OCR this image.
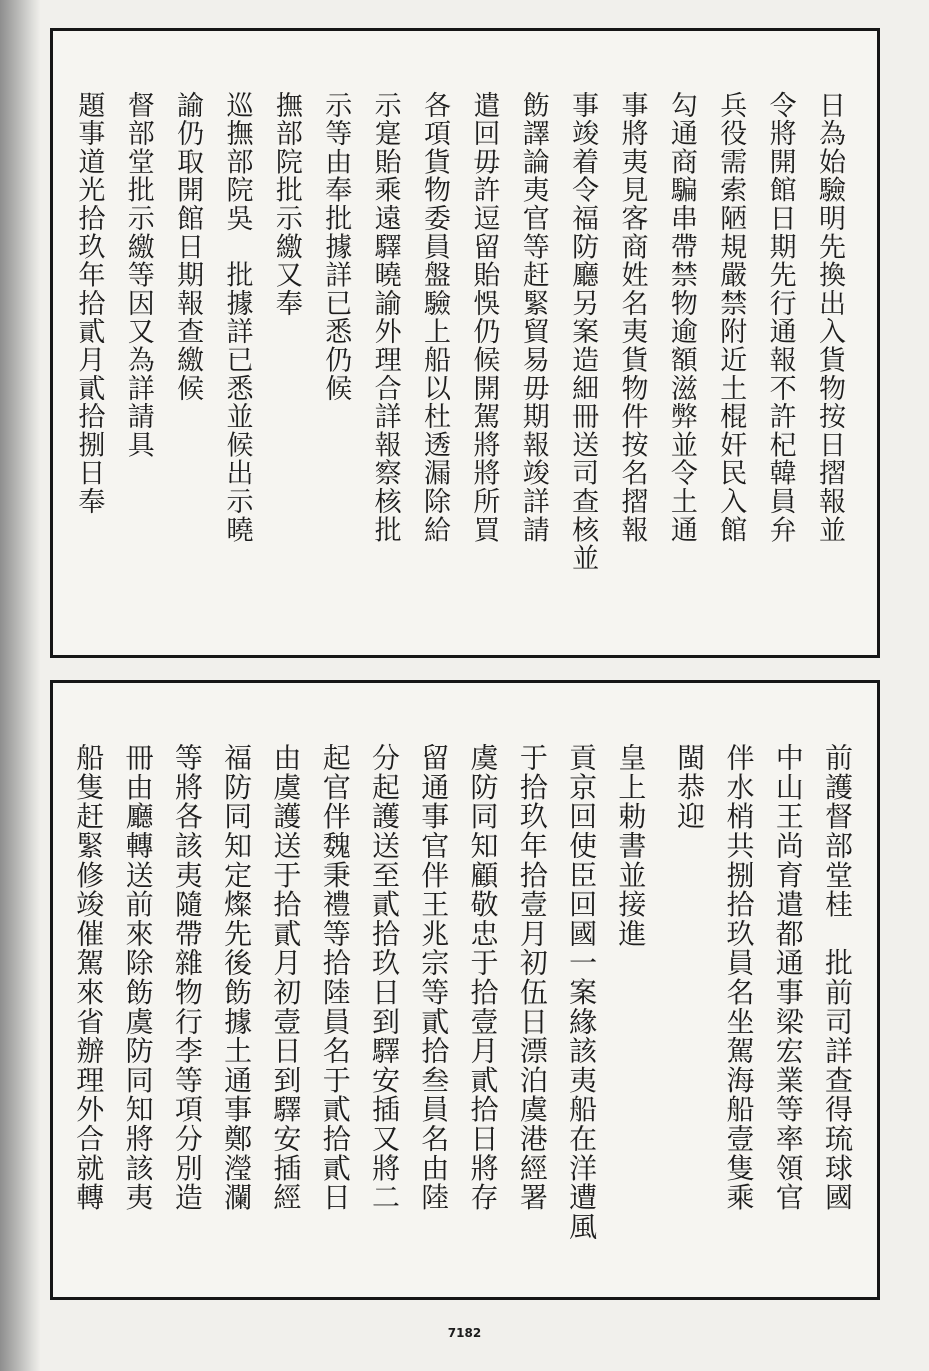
日為始驗明先換出入貨物按日摺報並
令將開館日期先行通報不許杞韓員弁
兵役需索陋規嚴禁附近土棍奸民入館
勾通商騙串帶禁物逾額滋弊並令土通
事將夷見客商姓名夷貨物件按名摺報
事竣着令福防廳另案造細冊送司查核並
飭譯論夷官等赶緊貿易毋期報竣詳請
遣回毋許逗留貽悞仍候開駕將將所買
各項貨物委員盤驗上船以杜透漏除給
示寔貽乘遠驛曉諭外理合詳報察核批
示等由奉批據詳已悉仍候
撫部院批示繳又奉
巡撫部院吳　批據詳已悉並候出示曉
諭仍取開館日期報查繳候
督部堂批示繳等因又為詳請具
題事道光拾玖年拾貳月貳拾捌日奉
前護督部堂桂　批前司詳查得琉球國
中山王尚育遣都通事梁宏業等率領官
伴水梢共捌拾玖員名坐駕海船壹隻乘
閩恭迎
皇上勅書並接進
貢京回使臣回國一案緣該夷船在洋遭風
于拾玖年拾壹月初伍日漂泊虞港經署
虞防同知顧敬忠于拾壹月貳拾日將存
留通事官伴王兆宗等貳拾叁員名由陸
分起護送至貳拾玖日到驛安插又將二
起官伴魏秉禮等拾陸員名于貳拾貳日
由虞護送于拾貳月初壹日到驛安插經
福防同知定燦先後飭據土通事鄭瀅瀾
等將各該夷隨帶雜物行李等項分別造
冊由廳轉送前來除飭虞防同知將該夷
船隻赶緊修竣催駕來省辦理外合就轉
7182
